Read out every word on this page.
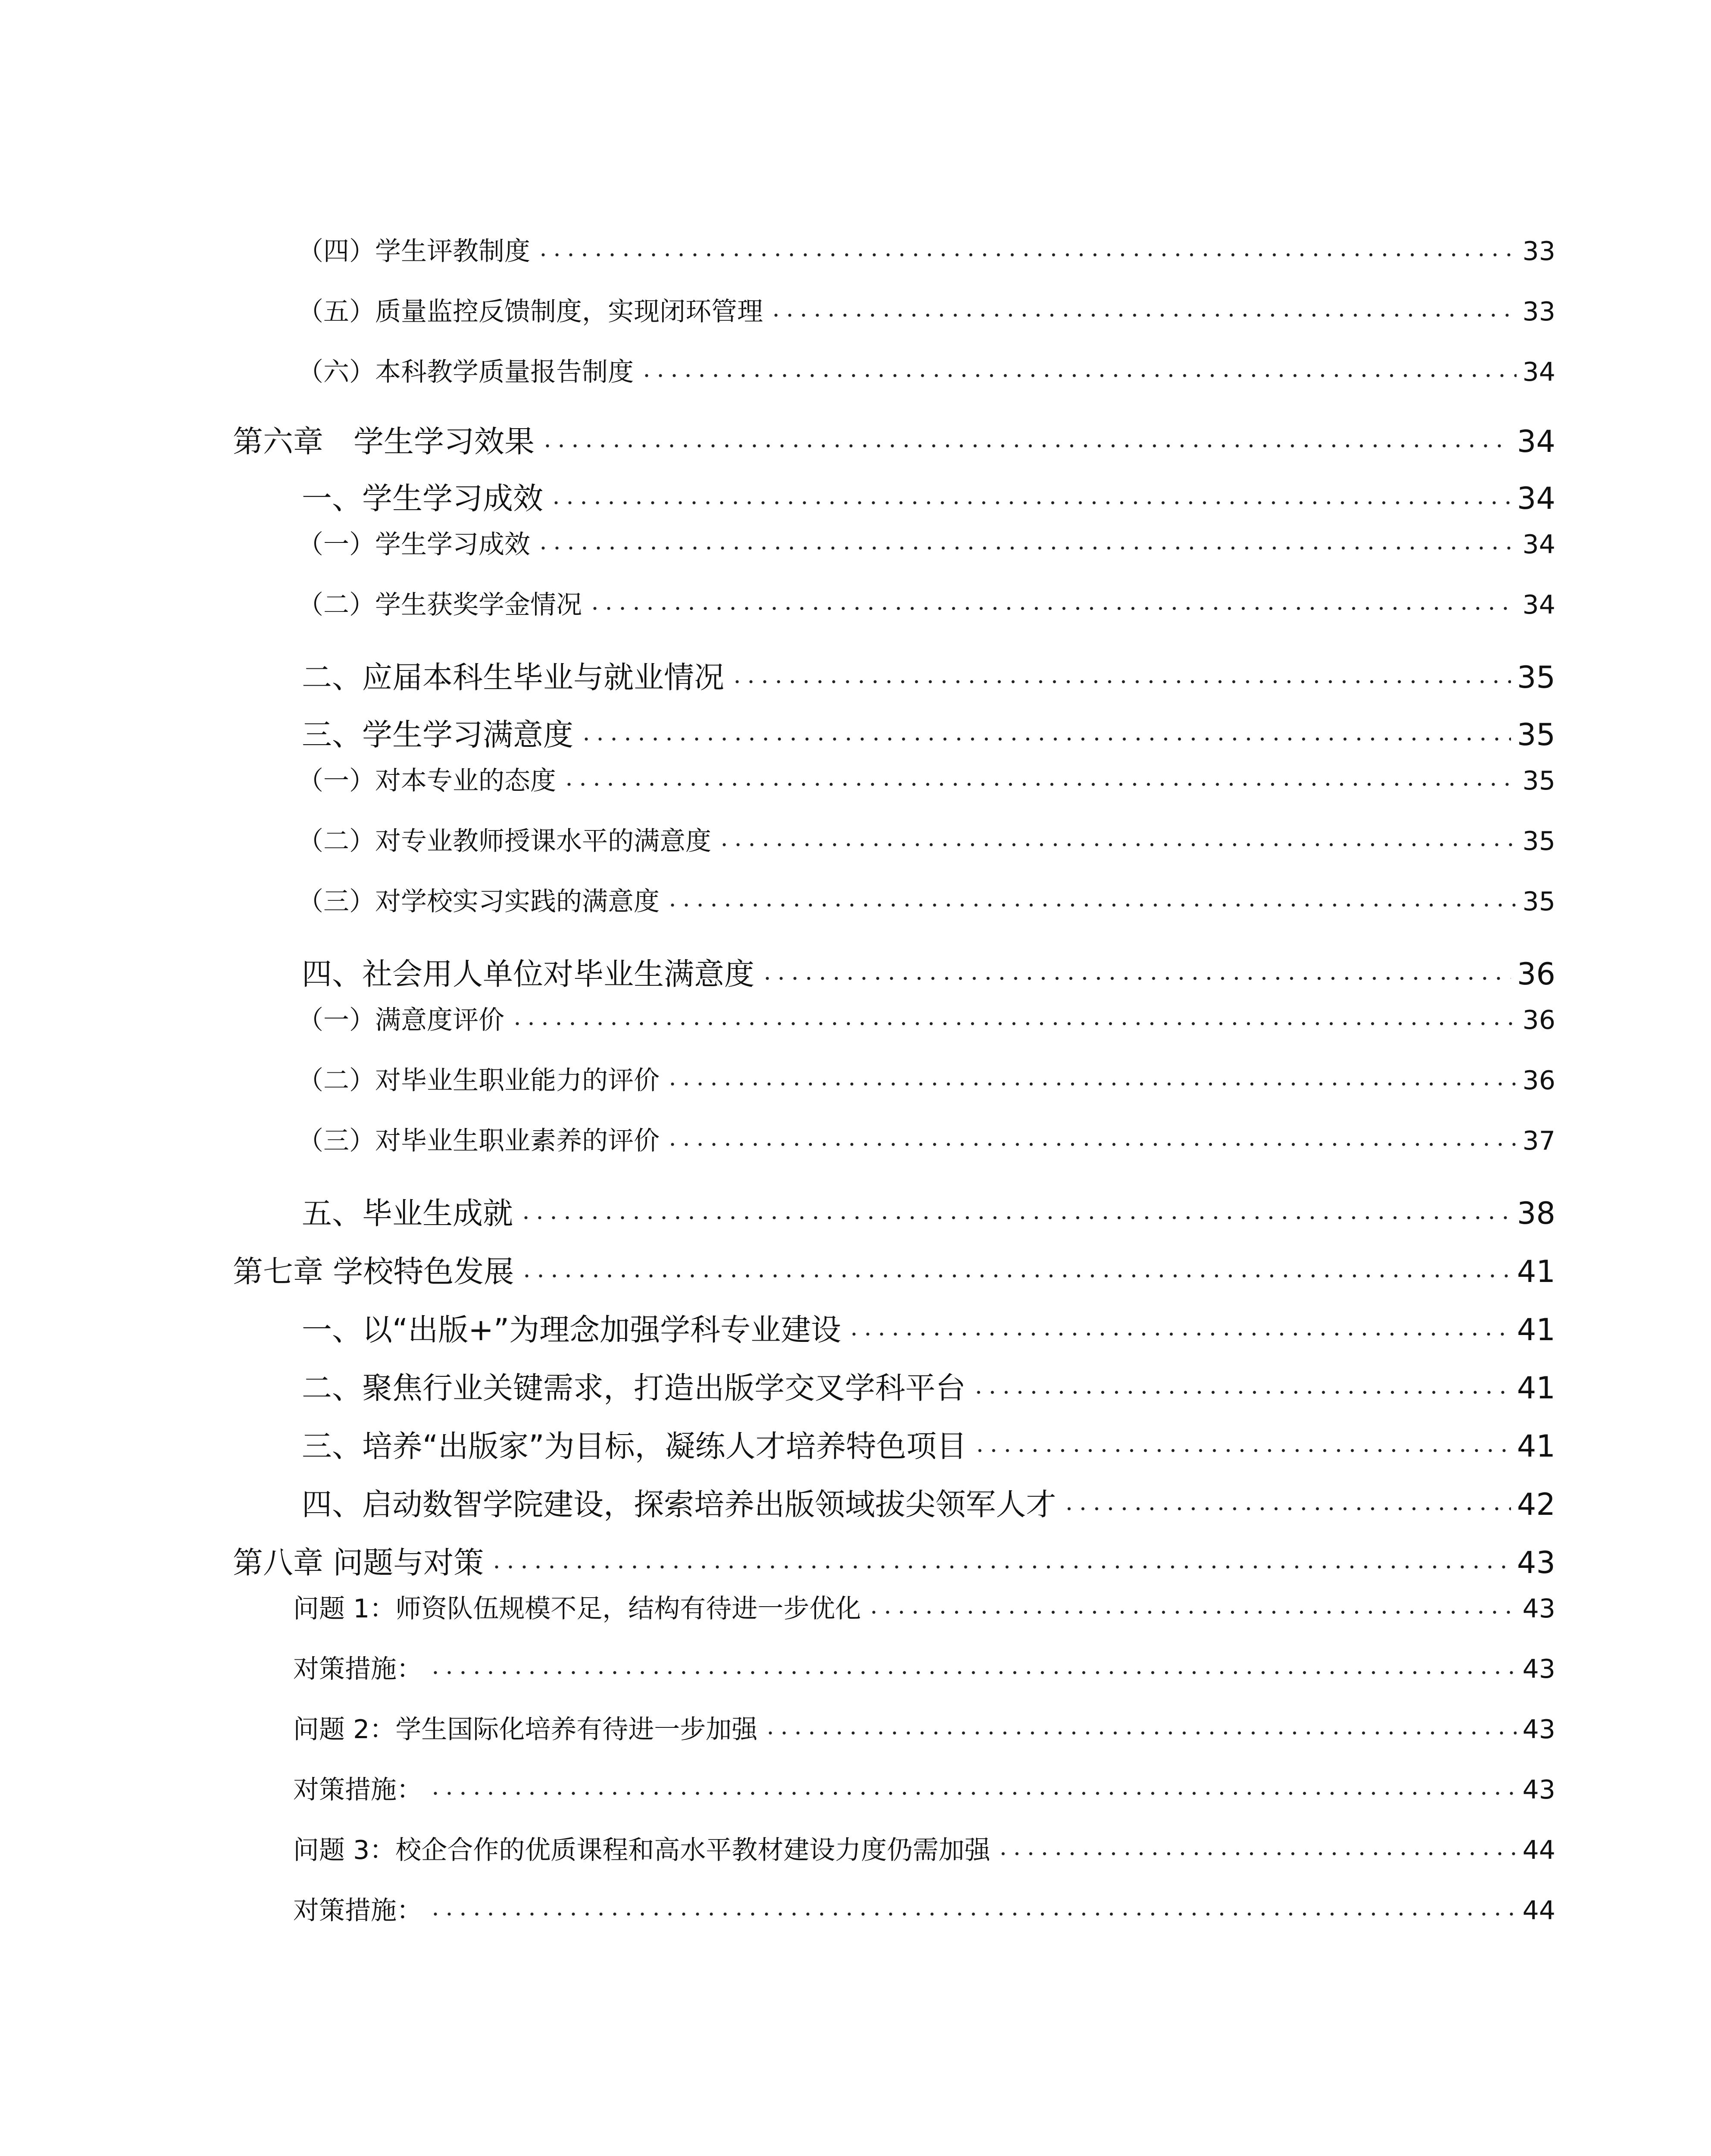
（四）学生评教制度	33
（五）质量监控反馈制度，实现闭环管理	33
（六）本科教学质量报告制度	34
第六章　学生学习效果	34
一、学生学习成效	34
（一）学生学习成效	34
（二）学生获奖学金情况	34
二、应届本科生毕业与就业情况	35
三、学生学习满意度	35
（一）对本专业的态度	35
（二）对专业教师授课水平的满意度	35
（三）对学校实习实践的满意度	35
四、社会用人单位对毕业生满意度	36
（一）满意度评价	36
（二）对毕业生职业能力的评价	36
（三）对毕业生职业素养的评价	37
五、毕业生成就	38
第七章 学校特色发展	41
一、以“出版+”为理念加强学科专业建设	41
二、聚焦行业关键需求，打造出版学交叉学科平台	41
三、培养“出版家”为目标，凝练人才培养特色项目	41
四、启动数智学院建设，探索培养出版领域拔尖领军人才	42
第八章 问题与对策	43
问题 1：师资队伍规模不足，结构有待进一步优化	43
对策措施：	43
问题 2：学生国际化培养有待进一步加强	43
对策措施：	43
问题 3：校企合作的优质课程和高水平教材建设力度仍需加强	44
对策措施：	44
